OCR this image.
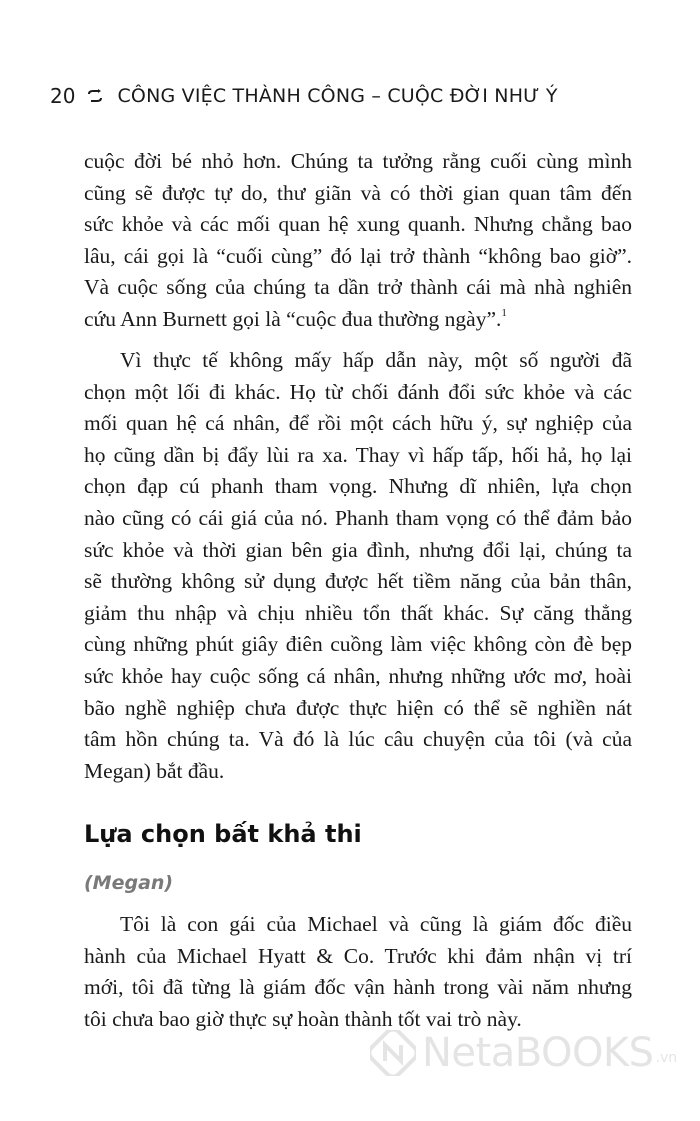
20 CÔNG VIỆC THÀNH CÔNG – CUỘC ĐỜI NHƯ Ý
cuộc đời bé nhỏ hơn. Chúng ta tưởng rằng cuối cùng mình
cũng sẽ được tự do, thư giãn và có thời gian quan tâm đến
sức khỏe và các mối quan hệ xung quanh. Nhưng chẳng bao
lâu, cái gọi là “cuối cùng” đó lại trở thành “không bao giờ”.
Và cuộc sống của chúng ta dần trở thành cái mà nhà nghiên
cứu Ann Burnett gọi là “cuộc đua thường ngày”.$^1$
Vì thực tế không mấy hấp dẫn này, một số người đã
chọn một lối đi khác. Họ từ chối đánh đổi sức khỏe và các
mối quan hệ cá nhân, để rồi một cách hữu ý, sự nghiệp của
họ cũng dần bị đẩy lùi ra xa. Thay vì hấp tấp, hối hả, họ lại
chọn đạp cú phanh tham vọng. Nhưng dĩ nhiên, lựa chọn
nào cũng có cái giá của nó. Phanh tham vọng có thể đảm bảo
sức khỏe và thời gian bên gia đình, nhưng đổi lại, chúng ta
sẽ thường không sử dụng được hết tiềm năng của bản thân,
giảm thu nhập và chịu nhiều tổn thất khác. Sự căng thẳng
cùng những phút giây điên cuồng làm việc không còn đè bẹp
sức khỏe hay cuộc sống cá nhân, nhưng những ước mơ, hoài
bão nghề nghiệp chưa được thực hiện có thể sẽ nghiền nát
tâm hồn chúng ta. Và đó là lúc câu chuyện của tôi (và của
Megan) bắt đầu.
Lựa chọn bất khả thi
(Megan)
Tôi là con gái của Michael và cũng là giám đốc điều
hành của Michael Hyatt & Co. Trước khi đảm nhận vị trí
mới, tôi đã từng là giám đốc vận hành trong vài năm nhưng
tôi chưa bao giờ thực sự hoàn thành tốt vai trò này.
NetaBOOKS .vn
